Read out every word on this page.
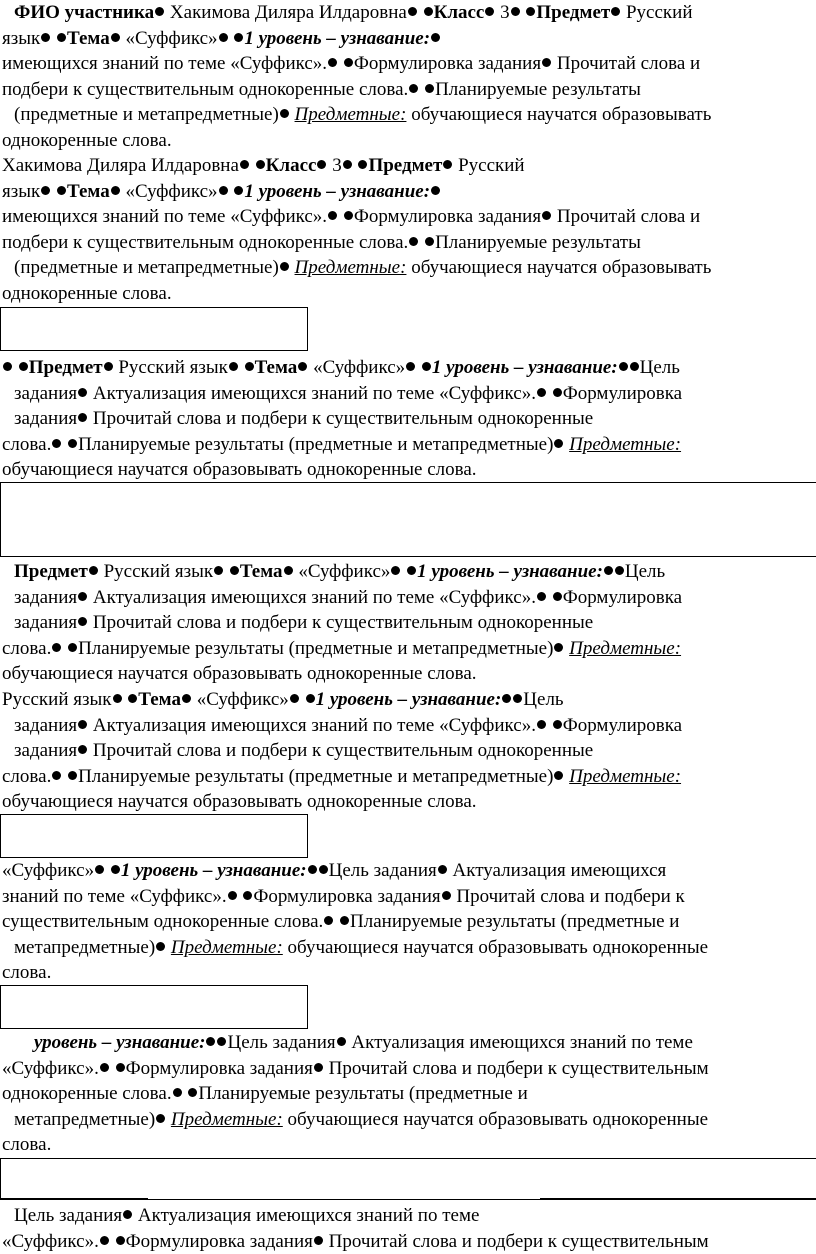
ФИО участника Хакимова Диляра Илдаровна Класс 3 Предмет Русский
язык Тема «Суффикс» 1 уровень – узнавание:
имеющихся знаний по теме «Суффикс». Формулировка задания Прочитай слова и
подбери к существительным однокоренные слова. Планируемые результаты
(предметные и метапредметные) Предметные: обучающиеся научатся образовывать
однокоренные слова.
Хакимова Диляра Илдаровна Класс 3 Предмет Русский
язык Тема «Суффикс» 1 уровень – узнавание:
имеющихся знаний по теме «Суффикс». Формулировка задания Прочитай слова и
подбери к существительным однокоренные слова. Планируемые результаты
(предметные и метапредметные) Предметные: обучающиеся научатся образовывать
однокоренные слова.
Предмет Русский язык Тема «Суффикс» 1 уровень – узнавание: Цель
задания Актуализация имеющихся знаний по теме «Суффикс». Формулировка
задания Прочитай слова и подбери к существительным однокоренные
слова. Планируемые результаты (предметные и метапредметные) Предметные:
обучающиеся научатся образовывать однокоренные слова.
Предмет Русский язык Тема «Суффикс» 1 уровень – узнавание: Цель
задания Актуализация имеющихся знаний по теме «Суффикс». Формулировка
задания Прочитай слова и подбери к существительным однокоренные
слова. Планируемые результаты (предметные и метапредметные) Предметные:
обучающиеся научатся образовывать однокоренные слова.
Русский язык Тема «Суффикс» 1 уровень – узнавание: Цель
задания Актуализация имеющихся знаний по теме «Суффикс». Формулировка
задания Прочитай слова и подбери к существительным однокоренные
слова. Планируемые результаты (предметные и метапредметные) Предметные:
обучающиеся научатся образовывать однокоренные слова.
«Суффикс» 1 уровень – узнавание: Цель задания Актуализация имеющихся
знаний по теме «Суффикс». Формулировка задания Прочитай слова и подбери к
существительным однокоренные слова. Планируемые результаты (предметные и
метапредметные) Предметные: обучающиеся научатся образовывать однокоренные
слова.
уровень – узнавание: Цель задания Актуализация имеющихся знаний по теме
«Суффикс». Формулировка задания Прочитай слова и подбери к существительным
однокоренные слова. Планируемые результаты (предметные и
метапредметные) Предметные: обучающиеся научатся образовывать однокоренные
слова.
Цель задания Актуализация имеющихся знаний по теме
«Суффикс». Формулировка задания Прочитай слова и подбери к существительным
